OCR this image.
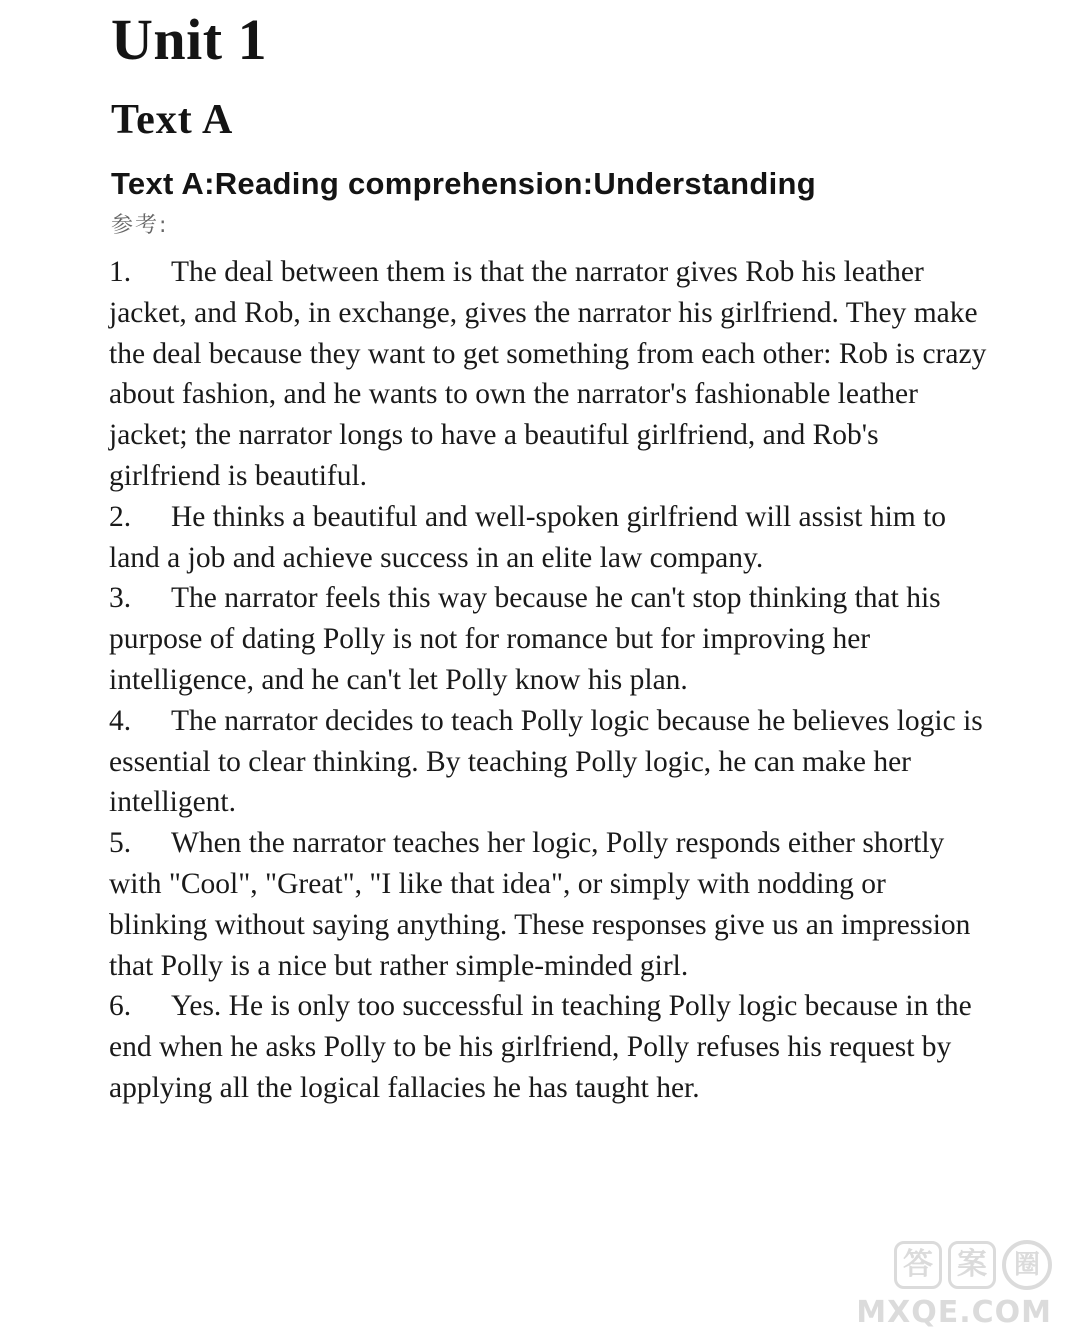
Unit 1
Text A
Text A:Reading comprehension:Understanding

参考:

1. The deal between them is that the narrator gives Rob his leather jacket, and Rob, in exchange, gives the narrator his girlfriend. They make the deal because they want to get something from each other: Rob is crazy about fashion, and he wants to own the narrator's fashionable leather jacket; the narrator longs to have a beautiful girlfriend, and Rob's girlfriend is beautiful.
2. He thinks a beautiful and well-spoken girlfriend will assist him to land a job and achieve success in an elite law company.
3. The narrator feels this way because he can't stop thinking that his purpose of dating Polly is not for romance but for improving her intelligence, and he can't let Polly know his plan.
4. The narrator decides to teach Polly logic because he believes logic is essential to clear thinking. By teaching Polly logic, he can make her intelligent.
5. When the narrator teaches her logic, Polly responds either shortly with "Cool", "Great", "I like that idea", or simply with nodding or blinking without saying anything. These responses give us an impression that Polly is a nice but rather simple-minded girl.
6. Yes. He is only too successful in teaching Polly logic because in the end when he asks Polly to be his girlfriend, Polly refuses his request by applying all the logical fallacies he has taught her.
答 案	圈
MXQE.COM
